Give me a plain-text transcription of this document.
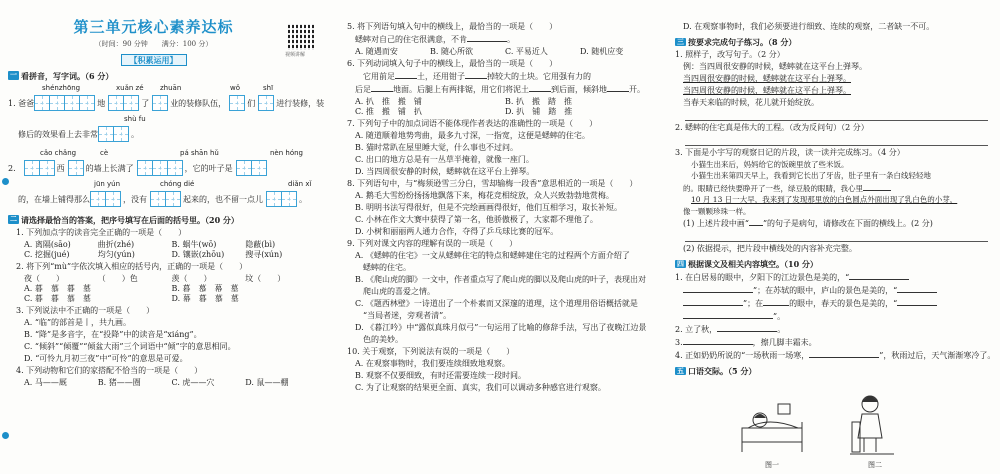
第三单元核心素养达标
（时间：90 分钟　　满分：100 分）
【积累运用】
一 看拼音，写字词。（6 分）
shénzhōng	xuǎn zé zhuān	wǒ	shī
1. 爸爸	地	了	业的装修队伍，	们	进行装修，装
shù fu
修后的效果看上去非常	。
cǎo chǎng	cè	pá shān hǔ	nèn hóng
2.	西	的墙上长满了	，它的叶子是
jūn yún	chóng dié	diǎn xǐ
的，在墙上铺得那么	，没有	起来的，也不留一点儿	。
二 请选择最恰当的答案，把序号填写在后面的括号里。（20 分）
1. 下列加点字的读音完全正确的一项是（　　）
A. 离隔(sāo)	曲折(zhé)	B. 蜗牛(wō)	隐蔽(bì)
C. 挖掘(jué)	均匀(yún)	D. 镶嵌(zhōu)	搜寻(xún)
2. 将下列“mù”字依次填入相应的括号内，正确的一项是（　　）
夜（　　）	（　　）色	羡（　　）	坟（　　）
A. 暮　慕　暮　墓	B. 暮　慕　幕　墓
C. 暮　暮　慕　墓	D. 幕　暮　慕　墓
3. 下列说法中不正确的一项是（　　）
A. “临”的部首是丨，共九画。
B. “降”是多音字，在“投降”中的读音是“xiáng”。
C. “倾斜”“倾覆”“倾盆大雨”三个词语中“倾”字的意思相同。
D. “可怜九月初三夜”中“可怜”的意思是可爱。
4. 下列动物和它们的家搭配不恰当的一项是（　　）
A. 马——厩	B. 猪——圈	C. 虎——穴	D. 鼠——棚
视频讲解
5. 将下列语句填入句中的横线上，最恰当的一项是（　　）
蟋蟀对自己的住宅很满意，不肯	。
A. 随遇而安	B. 随心所欲	C. 平易近人	D. 随机应变
6. 下列动词填入句子中的横线上，最恰当的一项是（　　）
它用前足	土，还用钳子	掉较大的土块。它用强有力的
后足	地面。后腿上有两排锯，用它们将泥土	到后面，倾斜地	开。
A. 扒　推　搬　铺	B. 扒　搬　踏　推
C. 推　搬　铺　扒	D. 扒　铺　踏　推
7. 下列句子中的加点词语不能体现作者表达的准确性的一项是（　　）
A. 随道顺着地势弯曲，最多九寸深，一指宽，这便是蟋蟀的住宅。
B. 猫时常趴在屋里睡大觉，什么事也不过问。
C. 出口的地方总是有一丛草半掩着，就像一座门。
D. 当四周很安静的时候，蟋蟀就在这平台上弹琴。
8. 下列语句中，与“梅须逊雪三分白，雪却输梅一段香”意思相近的一项是（　　）
A. 鹅毛大雪纷纷扬扬地飘落下来，梅花竞相绽放，众人兴致勃勃地赏梅。
B. 明明书法写得很好，但是不完绘画画得很好，他们互相学习，取长补短。
C. 小林在作文大赛中获得了第一名，他骄傲极了，大家都不理他了。
D. 小树和丽丽两人通力合作，夺得了乒乓球比赛的冠军。
9. 下列对课文内容的理解有误的一项是（　　）
A. 《蟋蟀的住宅》一文从蟋蟀住宅的特点和蟋蟀建住宅的过程两个方面介绍了
蟋蟀的住宅。
B. 《爬山虎的脚》一文中，作者重点写了爬山虎的脚以及爬山虎的叶子，表现出对
爬山虎的喜爱之情。
C. 《题西林壁》一诗道出了一个朴素而又深邃的道理，这个道理用俗语概括就是
“当局者迷，旁观者清”。
D. 《暮江吟》中“露似真珠月似弓”一句运用了比喻的修辞手法，写出了夜晚江边景
色的美妙。
10. 关于观察，下列说法有误的一项是（　　）
A. 在观察事物时，我们要连续细致地观察。
B. 观察不仅要细致，有时还需要连续一段时间。
C. 为了让观察的结果更全面、真实，我们可以调动多种感官进行观察。
D. 在观察事物时，我们必须要进行细致、连续的观察，二者缺一不可。
三 按要求完成句子练习。（8 分）
1. 照样子，改写句子。（2 分）
例：当四周很安静的时候，蟋蟀就在这平台上弹琴。
当四周很安静的时候，蟋蟀就在这平台上弹琴。
当四周很安静的时候，蟋蟀就在这平台上弹琴。
当春天来临的时候，花儿就开始绽放。
2. 蟋蟀的住宅真是伟大的工程。（改为反问句）（2 分）
3. 下面是小宇写的观察日记的片段，读一读并完成练习。（4 分）
小猫生出来后，妈妈给它的饭碗里放了些米饭。
小猫生出来第四天早上，我看到它长出了牙齿，肚子里有一条白线轻轻地
的。眼睛已经快要睁开了一些，绿豆般的眼睛，我心里
10 月 13 日一大早，我来到了发现那里放的白色圆点外面出现了乳白色的小芽，
像一颗颗珍珠一样。
(1) 上述片段中画“ ”的句子是病句，请修改在下面的横线上。(2 分)
(2) 依据提示，把片段中横线处的内容补充完整。
四 根据课文及相关内容填空。（10 分）
1. 在白居易的眼中，夕阳下的江边景色是美的，“
”；在苏轼的眼中，庐山的景色是美的，“
”；在	的眼中，春天的景色是美的，“
”。
2. 立了秋，	。
3.	，擦几脚丰霜未。
4. 正如奶奶所说的“一场秋雨一场寒，	”，秋雨过后，天气渐渐寒冷了。
五 口语交际。（5 分）
图一	图二
